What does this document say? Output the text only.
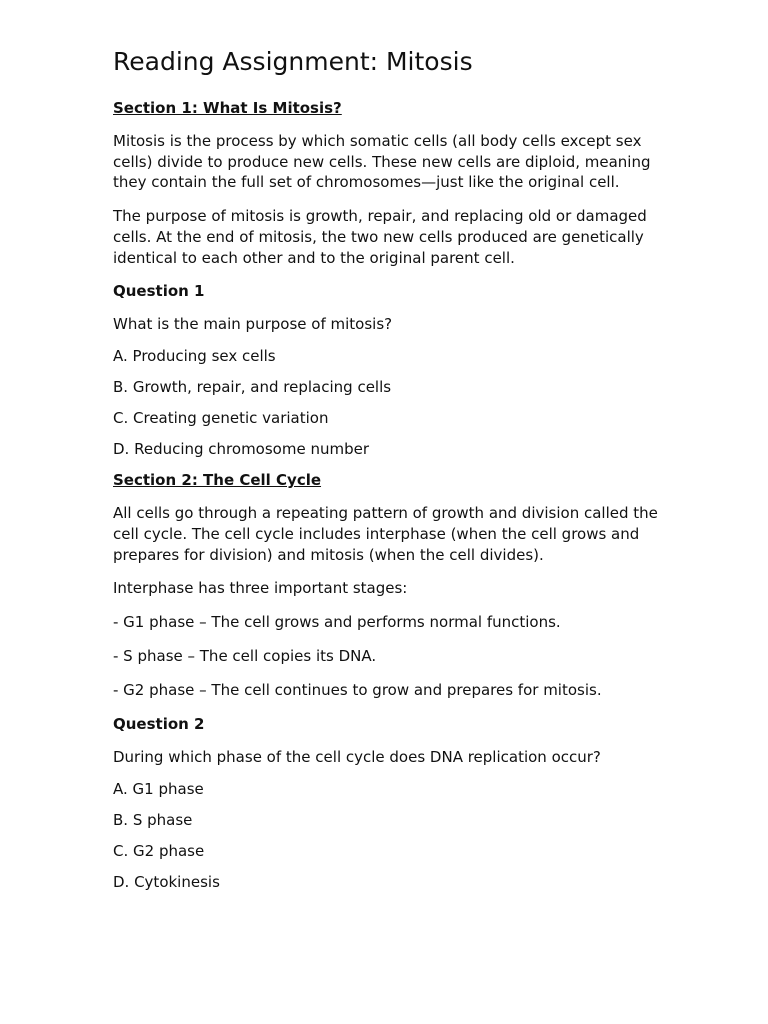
Reading Assignment: Mitosis
Section 1: What Is Mitosis?

Mitosis is the process by which somatic cells (all body cells except sex cells) divide to produce new cells. These new cells are diploid, meaning they contain the full set of chromosomes—just like the original cell.

The purpose of mitosis is growth, repair, and replacing old or damaged cells. At the end of mitosis, the two new cells produced are genetically identical to each other and to the original parent cell.

Question 1
What is the main purpose of mitosis?
A. Producing sex cells
B. Growth, repair, and replacing cells
C. Creating genetic variation
D. Reducing chromosome number
Section 2: The Cell Cycle

All cells go through a repeating pattern of growth and division called the cell cycle. The cell cycle includes interphase (when the cell grows and prepares for division) and mitosis (when the cell divides).

Interphase has three important stages:
- G1 phase – The cell grows and performs normal functions.
- S phase – The cell copies its DNA.
- G2 phase – The cell continues to grow and prepares for mitosis.
Question 2
During which phase of the cell cycle does DNA replication occur?
A. G1 phase
B. S phase
C. G2 phase
D. Cytokinesis
